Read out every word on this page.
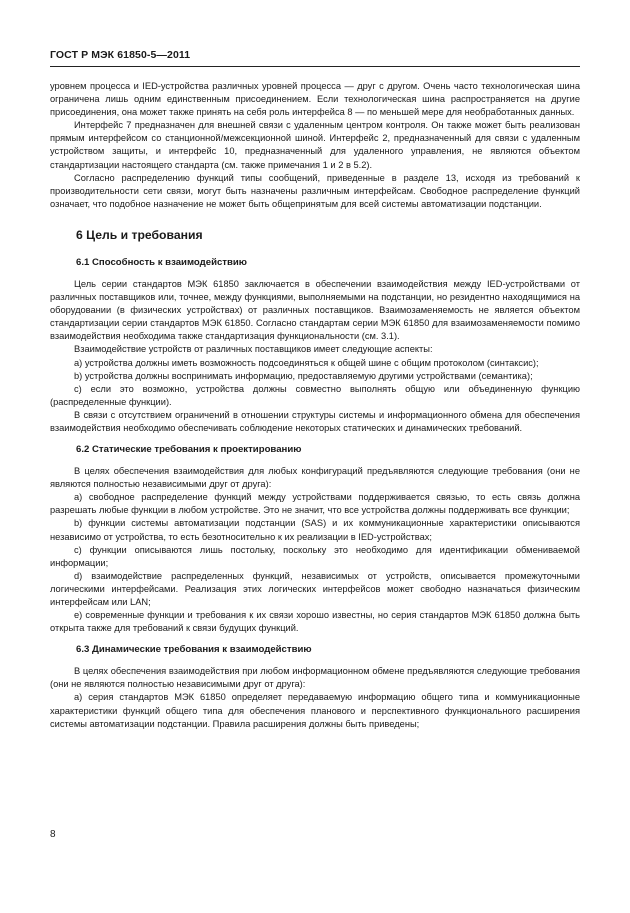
ГОСТ Р МЭК 61850-5—2011

уровнем процесса и IED-устройства различных уровней процесса — друг с другом. Очень часто технологическая шина ограничена лишь одним единственным присоединением. Если технологическая шина распространяется на другие присоединения, она может также принять на себя роль интерфейса 8 — по меньшей мере для необработанных данных.

Интерфейс 7 предназначен для внешней связи с удаленным центром контроля. Он также может быть реализован прямым интерфейсом со станционной/межсекционной шиной. Интерфейс 2, предназначенный для связи с удаленным устройством защиты, и интерфейс 10, предназначенный для удаленного управления, не являются объектом стандартизации настоящего стандарта (см. также примечания 1 и 2 в 5.2).

Согласно распределению функций типы сообщений, приведенные в разделе 13, исходя из требований к производительности сети связи, могут быть назначены различным интерфейсам. Свободное распределение функций означает, что подобное назначение не может быть общепринятым для всей системы автоматизации подстанции.

6 Цель и требования
6.1 Способность к взаимодействию

Цель серии стандартов МЭК 61850 заключается в обеспечении взаимодействия между IED-устройствами от различных поставщиков или, точнее, между функциями, выполняемыми на подстанции, но резидентно находящимися на оборудовании (в физических устройствах) от различных поставщиков. Взаимозаменяемость не является объектом стандартизации серии стандартов МЭК 61850. Согласно стандартам серии МЭК 61850 для взаимозаменяемости помимо взаимодействия необходима также стандартизация функциональности (см. 3.1).

Взаимодействие устройств от различных поставщиков имеет следующие аспекты:

a) устройства должны иметь возможность подсоединяться к общей шине с общим протоколом (синтаксис);

b) устройства должны воспринимать информацию, предоставляемую другими устройствами (семантика);

c) если это возможно, устройства должны совместно выполнять общую или объединенную функцию (распределенные функции).

В связи с отсутствием ограничений в отношении структуры системы и информационного обмена для обеспечения взаимодействия необходимо обеспечивать соблюдение некоторых статических и динамических требований.

6.2 Статические требования к проектированию

В целях обеспечения взаимодействия для любых конфигураций предъявляются следующие требования (они не являются полностью независимыми друг от друга):

a) свободное распределение функций между устройствами поддерживается связью, то есть связь должна разрешать любые функции в любом устройстве. Это не значит, что все устройства должны поддерживать все функции;

b) функции системы автоматизации подстанции (SAS) и их коммуникационные характеристики описываются независимо от устройства, то есть безотносительно к их реализации в IED-устройствах;

c) функции описываются лишь постольку, поскольку это необходимо для идентификации обмениваемой информации;

d) взаимодействие распределенных функций, независимых от устройств, описывается промежуточными логическими интерфейсами. Реализация этих логических интерфейсов может свободно назначаться физическим интерфейсам или LAN;

e) современные функции и требования к их связи хорошо известны, но серия стандартов МЭК 61850 должна быть открыта также для требований к связи будущих функций.

6.3 Динамические требования к взаимодействию

В целях обеспечения взаимодействия при любом информационном обмене предъявляются следующие требования (они не являются полностью независимыми друг от друга):

a) серия стандартов МЭК 61850 определяет передаваемую информацию общего типа и коммуникационные характеристики функций общего типа для обеспечения планового и перспективного функционального расширения системы автоматизации подстанции. Правила расширения должны быть приведены;

8
